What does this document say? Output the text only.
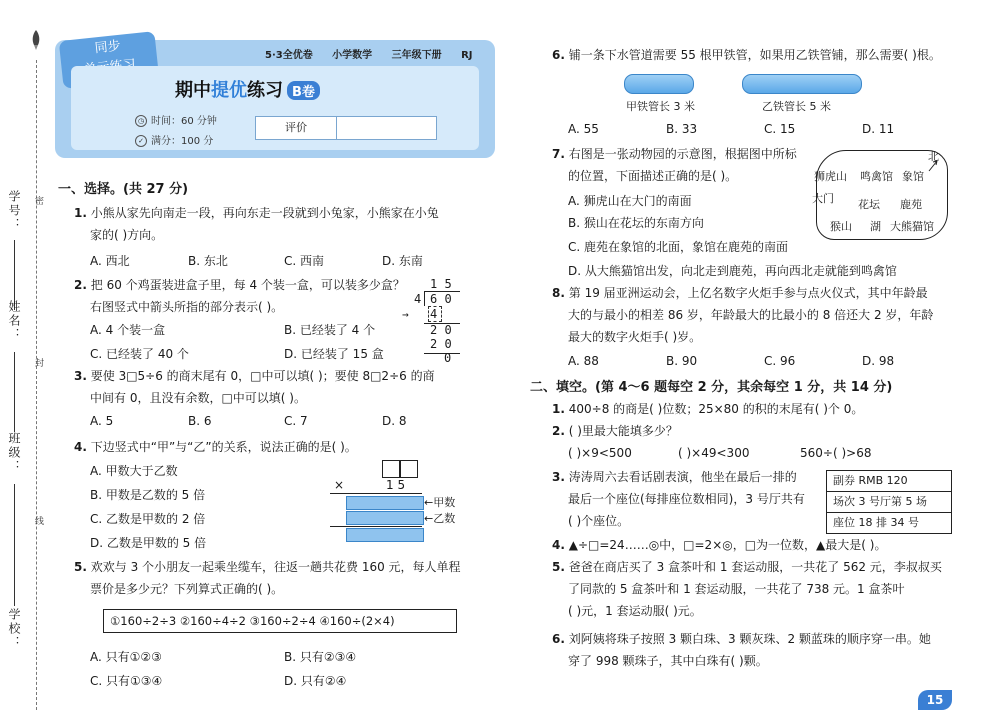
学号： 密
姓名：
封
班级：
线
学校：
同步	5·3全优卷 小学数学 三年级下册 RJ
期中提优练习 B卷
◷ 时间：60 分钟
✓ 满分：100 分
评价
一、选择。(共 27 分)
1. 小熊从家先向南走一段，再向东走一段就到小兔家，小熊家在小兔
家的( )方向。
A. 西北	B. 东北	C. 西南	D. 东南
2. 把 60 个鸡蛋装进盒子里，每 4 个装一盒，可以装多少盒？
右图竖式中箭头所指的部分表示( )。
A. 4 个装一盒	B. 已经装了 4 个
C. 已经装了 40 个	D. 已经装了 15 盒
1 5
4 6 0
4
→
2 0
2 0
0
3. 要使 3□5÷6 的商末尾有 0，□中可以填( )；要使 8□2÷6 的商
中间有 0，且没有余数，□中可以填( )。
A. 5	B. 6	C. 7	D. 8
4. 下边竖式中“甲”与“乙”的关系，说法正确的是( )。
A. 甲数大于乙数
B. 甲数是乙数的 5 倍
C. 乙数是甲数的 2 倍
D. 乙数是甲数的 5 倍
×	1 5
←甲数
←乙数
5. 欢欢与 3 个小朋友一起乘坐缆车，往返一趟共花费 160 元，每人单程
票价是多少元？下列算式正确的( )。
①160÷2÷3 ②160÷4÷2 ③160÷2÷4 ④160÷(2×4)
A. 只有①②③	B. 只有②③④
C. 只有①③④	D. 只有②④
6. 铺一条下水管道需要 55 根甲铁管，如果用乙铁管铺，那么需要( )根。
甲铁管长 3 米	乙铁管长 5 米
A. 55	B. 33	C. 15	D. 11
7. 右图是一张动物园的示意图，根据图中所标
的位置，下面描述正确的是( )。
A. 狮虎山在大门的南面
B. 猴山在花坛的东南方向
C. 鹿苑在象馆的北面，象馆在鹿苑的南面
D. 从大熊猫馆出发，向北走到鹿苑，再向西北走就能到鸣禽馆
北
狮虎山 鸣禽馆 象馆
大门 花坛 鹿苑
猴山 湖 大熊猫馆
8. 第 19 届亚洲运动会，上亿名数字火炬手参与点火仪式，其中年龄最
大的与最小的相差 86 岁，年龄最大的比最小的 8 倍还大 2 岁，年龄
最大的数字火炬手( )岁。
A. 88	B. 90	C. 96	D. 98
二、填空。(第 4～6 题每空 2 分，其余每空 1 分，共 14 分)
1. 400÷8 的商是( )位数；25×80 的积的末尾有( )个 0。
2. ( )里最大能填多少？
( )×9<500	( )×49<300	560÷( )>68
3. 涛涛周六去看话剧表演，他坐在最后一排的
最后一个座位(每排座位数相同)，3 号厅共有
( )个座位。
副券 RMB 120
场次 3 号厅第 5 场
座位 18 排 34 号
4. ▲÷□=24……◎中，□=2×◎，□为一位数，▲最大是( )。
5. 爸爸在商店买了 3 盒茶叶和 1 套运动服，一共花了 562 元，李叔叔买
了同款的 5 盒茶叶和 1 套运动服，一共花了 738 元。1 盒茶叶
( )元，1 套运动服( )元。
6. 刘阿姨将珠子按照 3 颗白珠、3 颗灰珠、2 颗蓝珠的顺序穿一串。她
穿了 998 颗珠子，其中白珠有( )颗。
15
